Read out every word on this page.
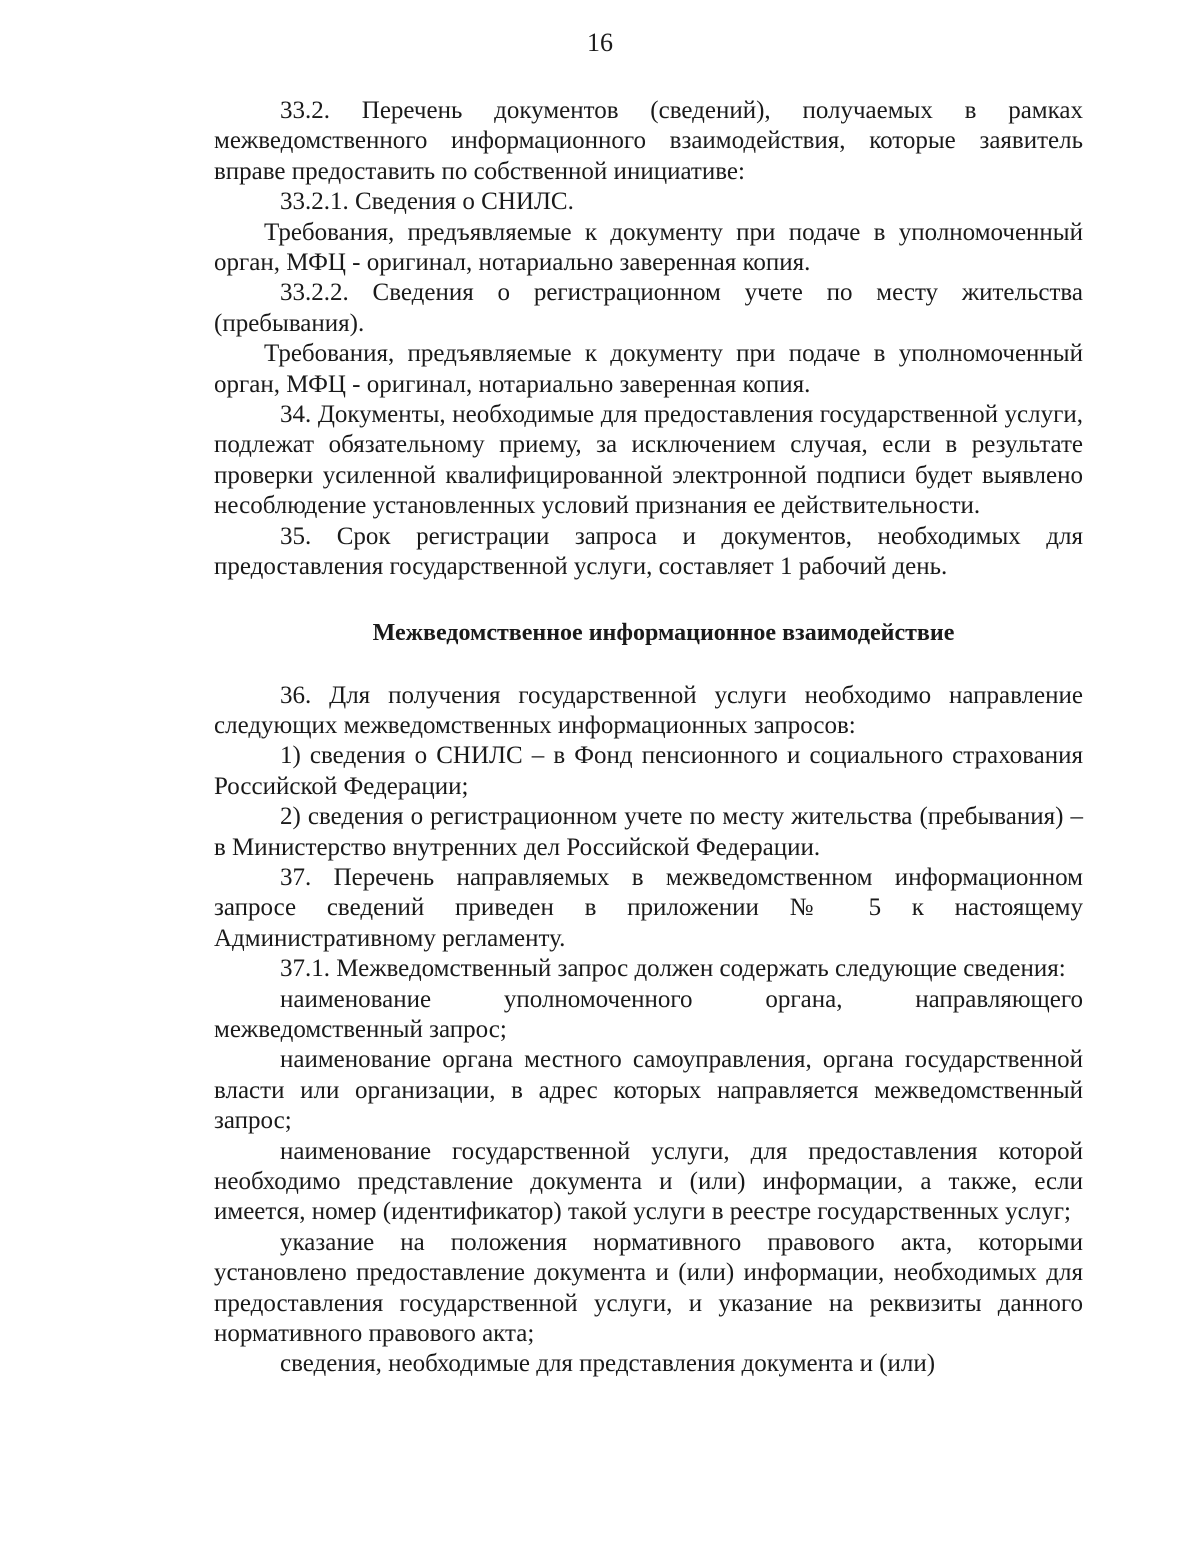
16

33.2. Перечень документов (сведений), получаемых в рамках межведомственного информационного взаимодействия, которые заявитель вправе предоставить по собственной инициативе:

33.2.1. Сведения о СНИЛС.

Требования, предъявляемые к документу при подаче в уполномоченный орган, МФЦ - оригинал, нотариально заверенная копия.

33.2.2. Сведения о регистрационном учете по месту жительства (пребывания).

Требования, предъявляемые к документу при подаче в уполномоченный орган, МФЦ - оригинал, нотариально заверенная копия.

34. Документы, необходимые для предоставления государственной услуги, подлежат обязательному приему, за исключением случая, если в результате проверки усиленной квалифицированной электронной подписи будет выявлено несоблюдение установленных условий признания ее действительности.

35. Срок регистрации запроса и документов, необходимых для предоставления государственной услуги, составляет 1 рабочий день.

Межведомственное информационное взаимодействие

36. Для получения государственной услуги необходимо направление следующих межведомственных информационных запросов:

1) сведения о СНИЛС – в Фонд пенсионного и социального страхования Российской Федерации;

2) сведения о регистрационном учете по месту жительства (пребывания) – в Министерство внутренних дел Российской Федерации.

37. Перечень направляемых в межведомственном информационном запросе сведений приведен в приложении № 5 к настоящему Административному регламенту.

37.1. Межведомственный запрос должен содержать следующие сведения:

наименование уполномоченного органа, направляющего межведомственный запрос;

наименование органа местного самоуправления, органа государственной власти или организации, в адрес которых направляется межведомственный запрос;

наименование государственной услуги, для предоставления которой необходимо представление документа и (или) информации, а также, если имеется, номер (идентификатор) такой услуги в реестре государственных услуг;

указание на положения нормативного правового акта, которыми установлено предоставление документа и (или) информации, необходимых для предоставления государственной услуги, и указание на реквизиты данного нормативного правового акта;

сведения, необходимые для представления документа и (или)
